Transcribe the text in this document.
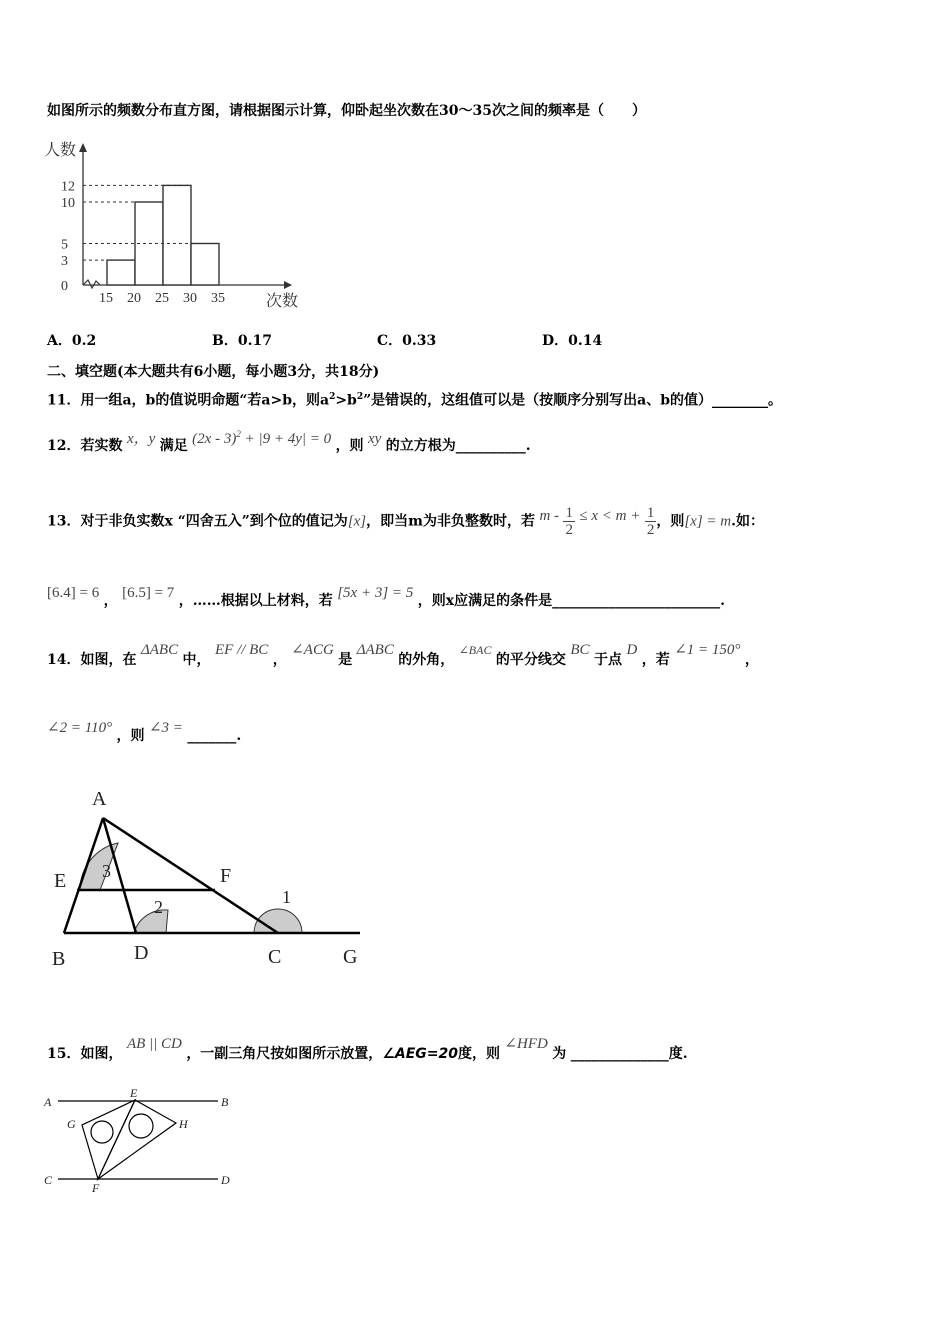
如图所示的频数分布直方图，请根据图示计算，仰卧起坐次数在30～35次之间的频率是（　　）
12
10
5
3
0
15 20 25 30 35
人数
次数
A．0.2	B．0.17	C．0.33	D．0.14
二、填空题(本大题共有6小题，每小题3分，共18分)
11．用一组a，b的值说明命题“若a>b，则$a^2>b^2$”是错误的，这组值可以是（按顺序分别写出a、b的值）________。
12．若实数 x，y 满足 (2x - 3)$^2$ + |9 + 4y| = 0 ，则 xy 的立方根为__________.
13．对于非负实数x “四舍五入”到个位的值记为[x]，即当m为非负整数时，若 $m - \frac{1}{2} \le x < m + \frac{1}{2}$ ，则[x] = m.如：
[6.4] = 6 ， [6.5] = 7 ，……根据以上材料，若 [5x + 3] = 5 ，则x应满足的条件是________________________.
14．如图，在 ΔABC 中， EF // BC ， ∠ACG 是 ΔABC 的外角， ∠BAC 的平分线交 BC 于点 D ，若 ∠1 = 150° ，
∠2 = 110° ，则 ∠3 = _______.
A
B	C
D
E	F
G
1
2
3
15．如图， AB || CD ，一副三角尺按如图所示放置，∠AEG=20度，则 ∠HFD 为 ______________度.
A	B
C	D
E
F
G	H
